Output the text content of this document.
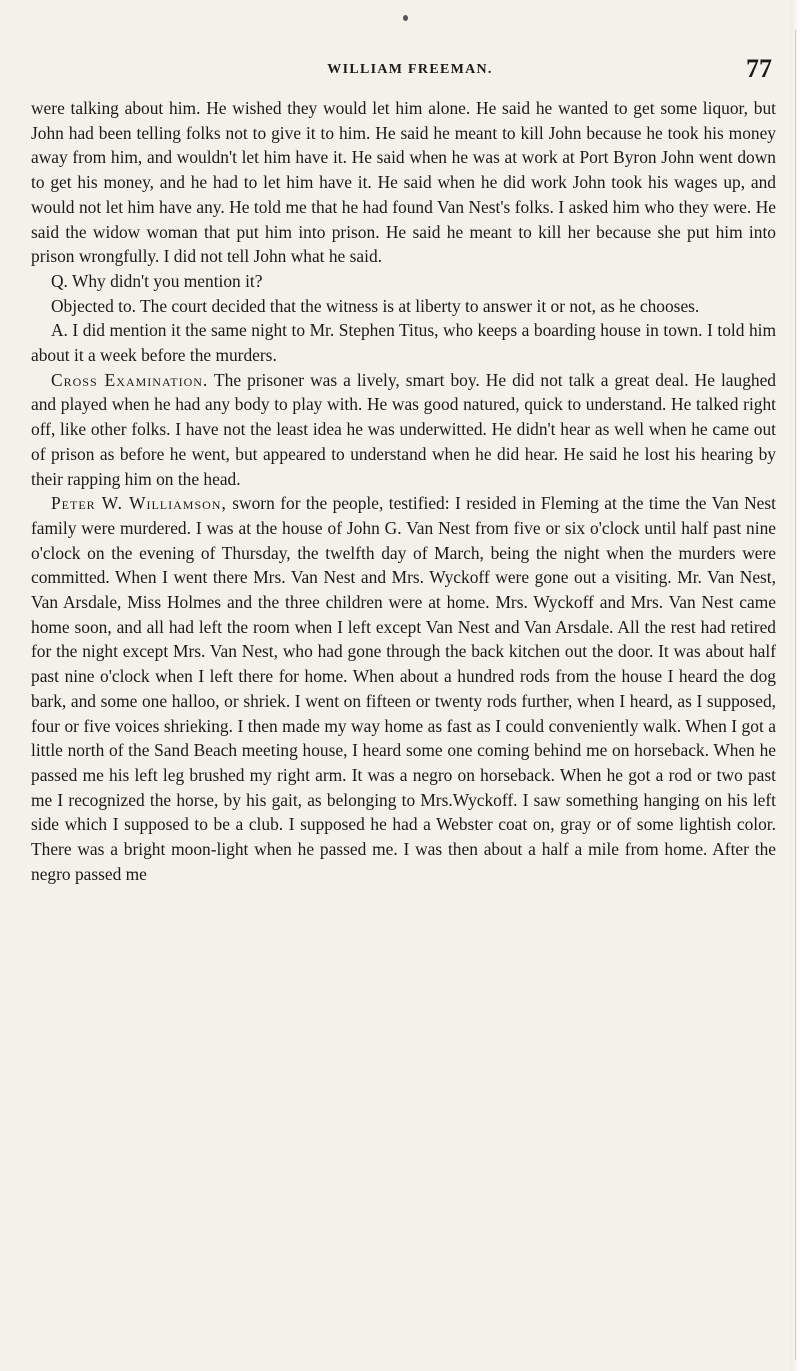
WILLIAM FREEMAN.	77

were talking about him. He wished they would let him alone. He said he wanted to get some liquor, but John had been telling folks not to give it to him. He said he meant to kill John because he took his money away from him, and wouldn't let him have it. He said when he was at work at Port Byron John went down to get his money, and he had to let him have it. He said when he did work John took his wages up, and would not let him have any. He told me that he had found Van Nest's folks. I asked him who they were. He said the widow woman that put him into prison. He said he meant to kill her because she put him into prison wrongfully. I did not tell John what he said.

Q. Why didn't you mention it?

Objected to. The court decided that the witness is at liberty to answer it or not, as he chooses.

A. I did mention it the same night to Mr. Stephen Titus, who keeps a boarding house in town. I told him about it a week before the murders.

Cross Examination. The prisoner was a lively, smart boy. He did not talk a great deal. He laughed and played when he had any body to play with. He was good natured, quick to understand. He talked right off, like other folks. I have not the least idea he was underwitted. He didn't hear as well when he came out of prison as before he went, but appeared to understand when he did hear. He said he lost his hearing by their rapping him on the head.

Peter W. Williamson, sworn for the people, testified: I resided in Fleming at the time the Van Nest family were murdered. I was at the house of John G. Van Nest from five or six o'clock until half past nine o'clock on the evening of Thursday, the twelfth day of March, being the night when the murders were committed. When I went there Mrs. Van Nest and Mrs. Wyckoff were gone out a visiting. Mr. Van Nest, Van Arsdale, Miss Holmes and the three children were at home. Mrs. Wyckoff and Mrs. Van Nest came home soon, and all had left the room when I left except Van Nest and Van Arsdale. All the rest had retired for the night except Mrs. Van Nest, who had gone through the back kitchen out the door. It was about half past nine o'clock when I left there for home. When about a hundred rods from the house I heard the dog bark, and some one halloo, or shriek. I went on fifteen or twenty rods further, when I heard, as I supposed, four or five voices shrieking. I then made my way home as fast as I could conveniently walk. When I got a little north of the Sand Beach meeting house, I heard some one coming behind me on horseback. When he passed me his left leg brushed my right arm. It was a negro on horseback. When he got a rod or two past me I recognized the horse, by his gait, as belonging to Mrs.Wyckoff. I saw something hanging on his left side which I supposed to be a club. I supposed he had a Webster coat on, gray or of some lightish color. There was a bright moon-light when he passed me. I was then about a half a mile from home. After the negro passed me
